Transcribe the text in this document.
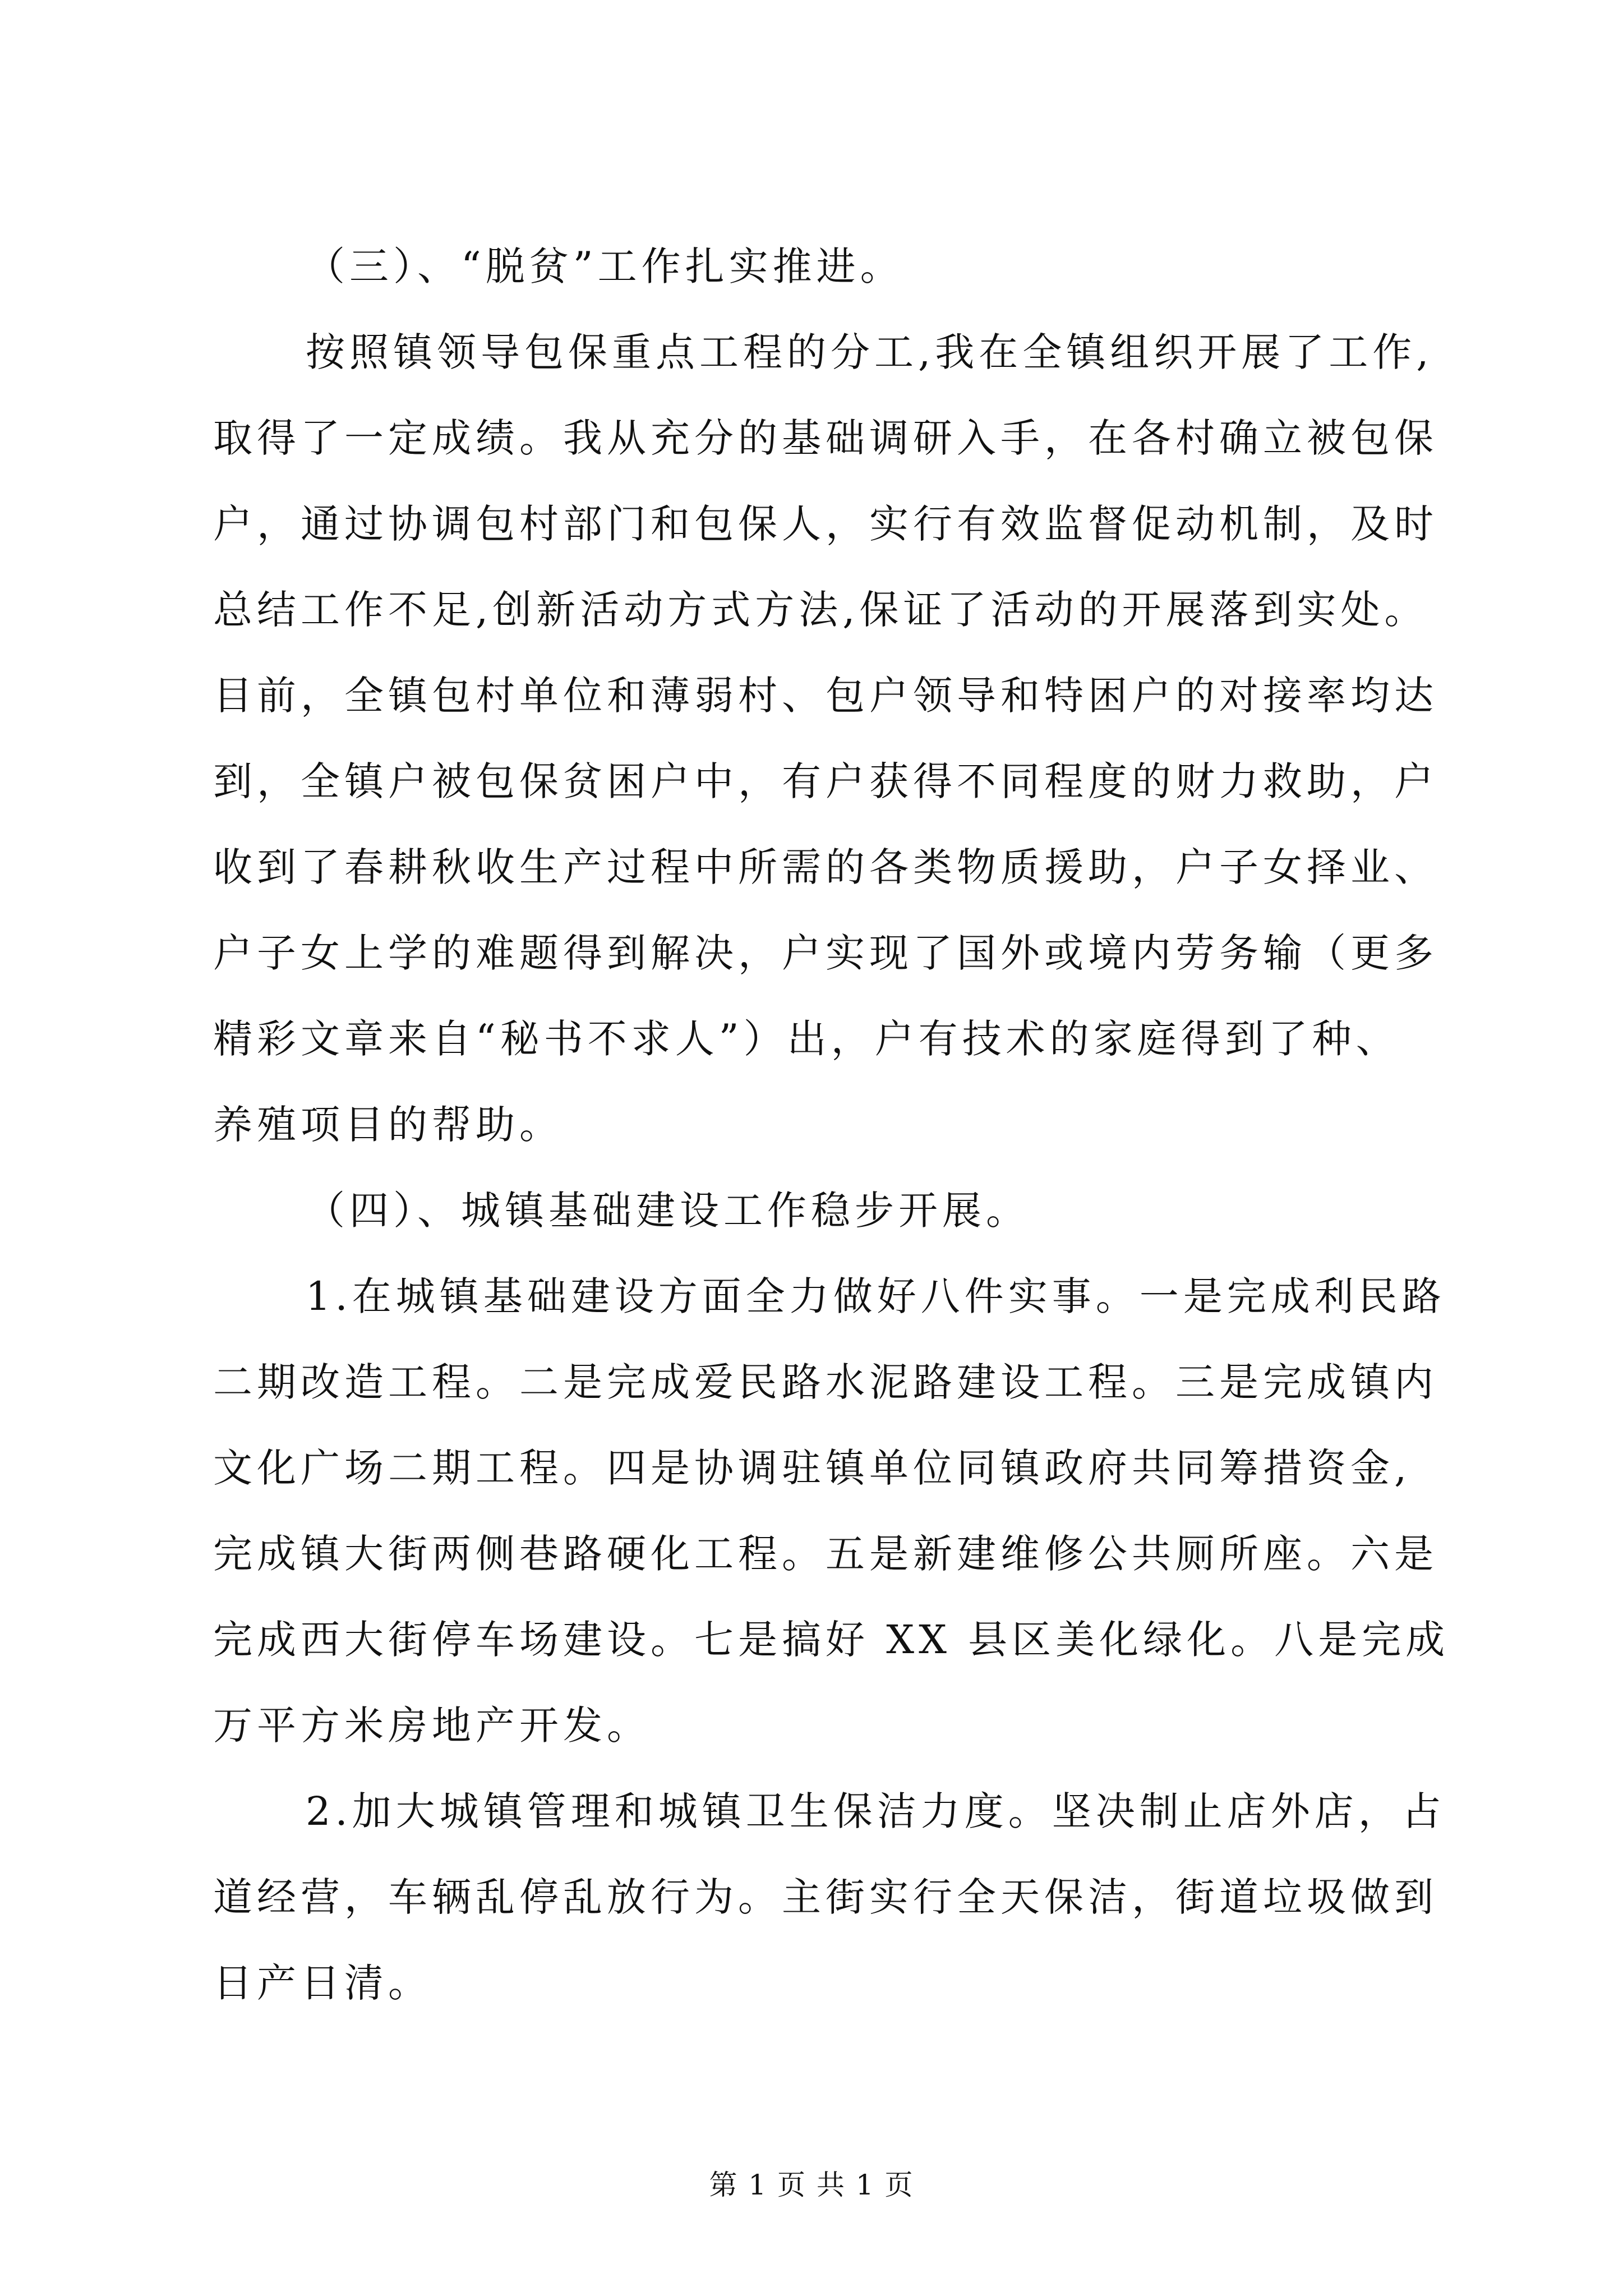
（三）、“脱贫”工作扎实推进。
按照镇领导包保重点工程的分工,我在全镇组织开展了工作,
取得了一定成绩。我从充分的基础调研入手，在各村确立被包保
户，通过协调包村部门和包保人，实行有效监督促动机制，及时
总结工作不足,创新活动方式方法,保证了活动的开展落到实处。
目前，全镇包村单位和薄弱村、包户领导和特困户的对接率均达
到，全镇户被包保贫困户中，有户获得不同程度的财力救助，户
收到了春耕秋收生产过程中所需的各类物质援助，户子女择业、
户子女上学的难题得到解决，户实现了国外或境内劳务输（更多
精彩文章来自“秘书不求人”）出，户有技术的家庭得到了种、
养殖项目的帮助。
（四）、城镇基础建设工作稳步开展。
1.在城镇基础建设方面全力做好八件实事。一是完成利民路
二期改造工程。二是完成爱民路水泥路建设工程。三是完成镇内
文化广场二期工程。四是协调驻镇单位同镇政府共同筹措资金,
完成镇大街两侧巷路硬化工程。五是新建维修公共厕所座。六是
完成西大街停车场建设。七是搞好 XX 县区美化绿化。八是完成
万平方米房地产开发。
2.加大城镇管理和城镇卫生保洁力度。坚决制止店外店，占
道经营，车辆乱停乱放行为。主街实行全天保洁，街道垃圾做到
日产日清。
第 1 页 共 1 页
